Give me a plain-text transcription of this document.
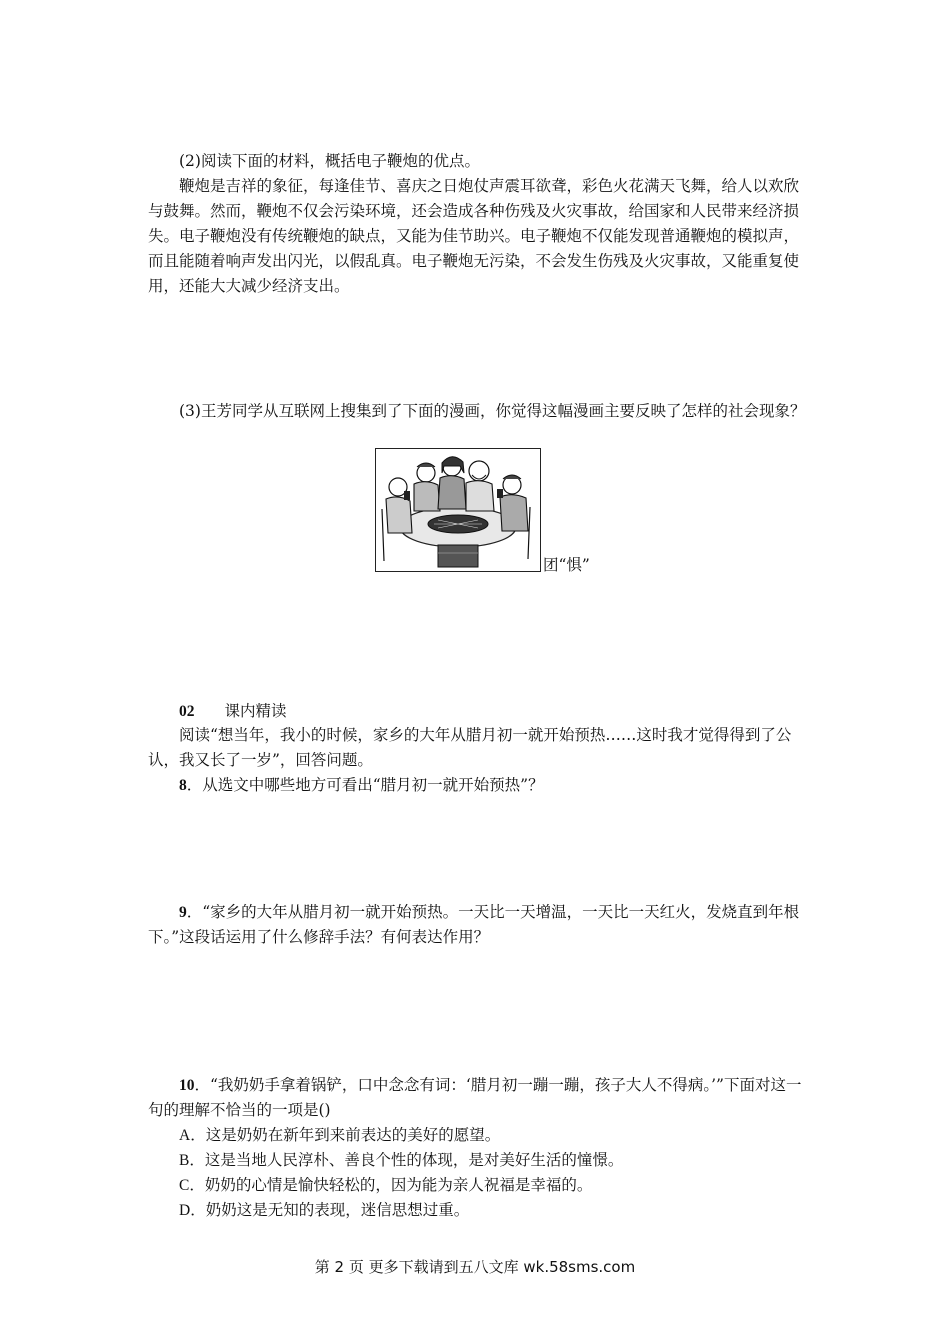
(2)阅读下面的材料，概括电子鞭炮的优点。

鞭炮是吉祥的象征，每逢佳节、喜庆之日炮仗声震耳欲聋，彩色火花满天飞舞，给人以欢欣与鼓舞。然而，鞭炮不仅会污染环境，还会造成各种伤残及火灾事故，给国家和人民带来经济损失。电子鞭炮没有传统鞭炮的缺点，又能为佳节助兴。电子鞭炮不仅能发现普通鞭炮的模拟声，而且能随着响声发出闪光，以假乱真。电子鞭炮无污染，不会发生伤残及火灾事故，又能重复使用，还能大大减少经济支出。

(3)王芳同学从互联网上搜集到了下面的漫画，你觉得这幅漫画主要反映了怎样的社会现象？

团“惧”
02 课内精读

阅读“想当年，我小的时候，家乡的大年从腊月初一就开始预热……这时我才觉得得到了公认，我又长了一岁”，回答问题。

8．从选文中哪些地方可看出“腊月初一就开始预热”？

9．“家乡的大年从腊月初一就开始预热。一天比一天增温，一天比一天红火，发烧直到年根下。”这段话运用了什么修辞手法？有何表达作用？

10．“我奶奶手拿着锅铲，口中念念有词：‘腊月初一蹦一蹦，孩子大人不得病。’”下面对这一句的理解不恰当的一项是()

A．这是奶奶在新年到来前表达的美好的愿望。

B．这是当地人民淳朴、善良个性的体现，是对美好生活的憧憬。

C．奶奶的心情是愉快轻松的，因为能为亲人祝福是幸福的。

D．奶奶这是无知的表现，迷信思想过重。

第 2 页 更多下载请到五八文库 wk.58sms.com
